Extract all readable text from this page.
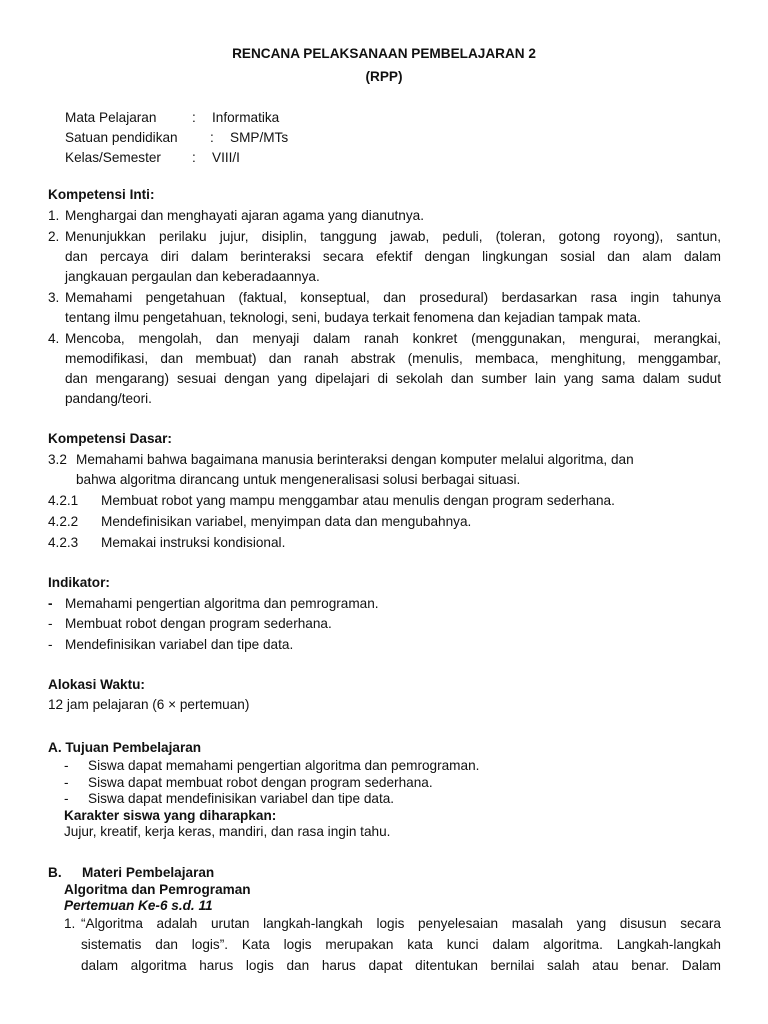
RENCANA PELAKSANAAN PEMBELAJARAN 2
(RPP)
Mata Pelajaran	: Informatika
Satuan pendidikan : SMP/MTs
Kelas/Semester : VIII/I
Kompetensi Inti:
1. Menghargai dan menghayati ajaran agama yang dianutnya.
2. Menunjukkan perilaku jujur, disiplin, tanggung jawab, peduli, (toleran, gotong royong), santun,
dan percaya diri dalam berinteraksi secara efektif dengan lingkungan sosial dan alam dalam
jangkauan pergaulan dan keberadaannya.
3. Memahami pengetahuan (faktual, konseptual, dan prosedural) berdasarkan rasa ingin tahunya
tentang ilmu pengetahuan, teknologi, seni, budaya terkait fenomena dan kejadian tampak mata.
4. Mencoba, mengolah, dan menyaji dalam ranah konkret (menggunakan, mengurai, merangkai,
memodifikasi, dan membuat) dan ranah abstrak (menulis, membaca, menghitung, menggambar,
dan mengarang) sesuai dengan yang dipelajari di sekolah dan sumber lain yang sama dalam sudut
pandang/teori.
Kompetensi Dasar:
3.2 Memahami bahwa bagaimana manusia berinteraksi dengan komputer melalui algoritma, dan
bahwa algoritma dirancang untuk mengeneralisasi solusi berbagai situasi.
4.2.1 Membuat robot yang mampu menggambar atau menulis dengan program sederhana.
4.2.2 Mendefinisikan variabel, menyimpan data dan mengubahnya.
4.2.3 Memakai instruksi kondisional.
Indikator:
- Memahami pengertian algoritma dan pemrograman.
- Membuat robot dengan program sederhana.
- Mendefinisikan variabel dan tipe data.
Alokasi Waktu:
12 jam pelajaran (6 × pertemuan)
A. Tujuan Pembelajaran
- Siswa dapat memahami pengertian algoritma dan pemrograman.
- Siswa dapat membuat robot dengan program sederhana.
- Siswa dapat mendefinisikan variabel dan tipe data.
Karakter siswa yang diharapkan:
Jujur, kreatif, kerja keras, mandiri, dan rasa ingin tahu.
B. Materi Pembelajaran
Algoritma dan Pemrograman
Pertemuan Ke-6 s.d. 11
1. “Algoritma adalah urutan langkah-langkah logis penyelesaian masalah yang disusun secara
sistematis dan logis”. Kata logis merupakan kata kunci dalam algoritma. Langkah-langkah
dalam algoritma harus logis dan harus dapat ditentukan bernilai salah atau benar. Dalam
